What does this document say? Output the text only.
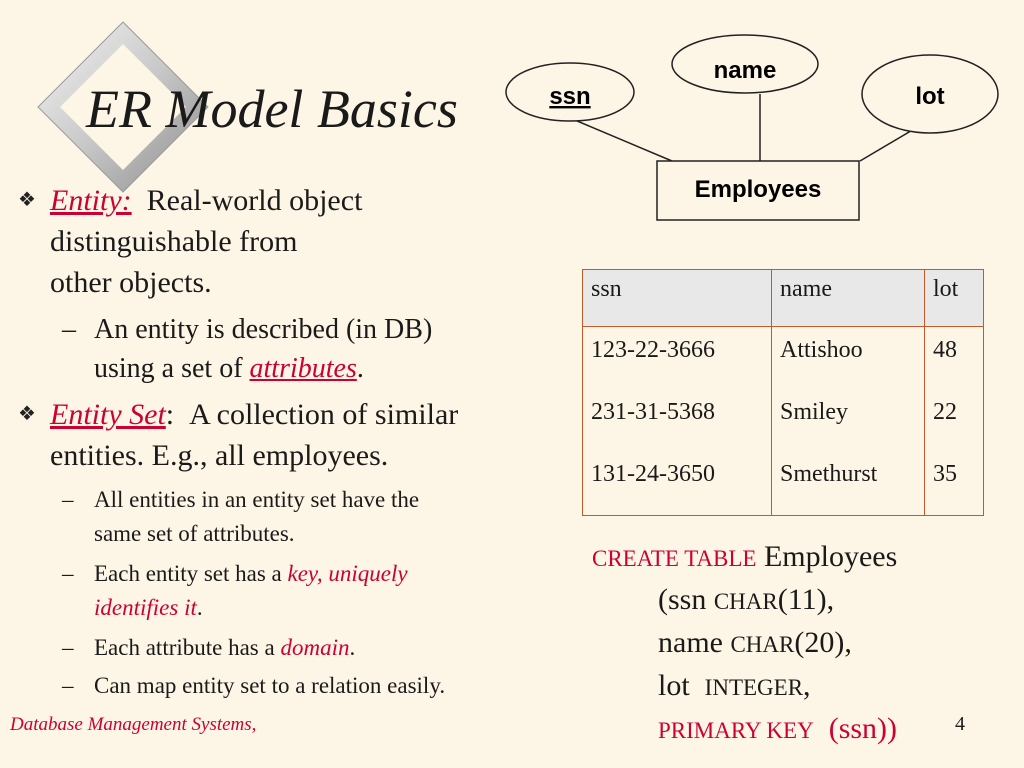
ER Model Basics
name
ssn	lot
Employees
❖ Entity: Real-world object
distinguishable from
other objects.
– An entity is described (in DB)
using a set of attributes.
❖ Entity Set: A collection of similar
entities. E.g., all employees.
– All entities in an entity set have the
same set of attributes.
– Each entity set has a key, uniquely
identifies it.
– Each attribute has a domain.
– Can map entity set to a relation easily.
ssn	name	lot
123-22-3666	Attishoo	48
231-31-5368	Smiley	22
131-24-3650	Smethurst	35
CREATE TABLE Employees
(ssn CHAR(11),
name CHAR(20),
lot INTEGER,
PRIMARY KEY (ssn))
Database Management Systems,	4
